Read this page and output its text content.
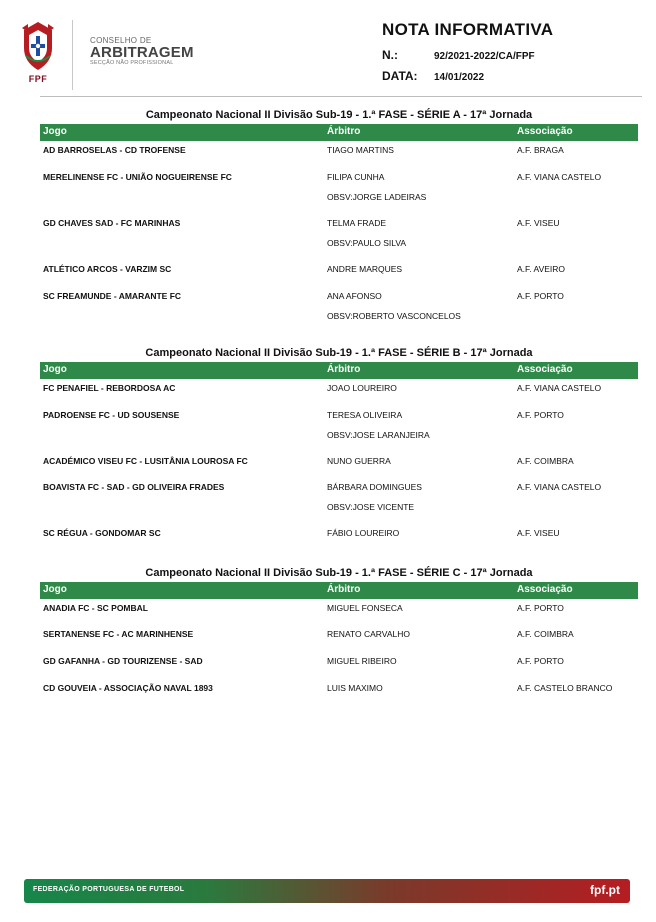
FPF
CONSELHO DE
ARBITRAGEM
SECÇÃO NÃO PROFISSIONAL
NOTA INFORMATIVA
N.:	92/2021-2022/CA/FPF
DATA: 14/01/2022
Campeonato Nacional II Divisão Sub-19 - 1.ª FASE - SÉRIE A - 17ª Jornada
Jogo	Árbitro	Associação
AD BARROSELAS - CD TROFENSE	TIAGO MARTINS	A.F. BRAGA
MERELINENSE FC - UNIÃO NOGUEIRENSE FC	FILIPA CUNHA	A.F. VIANA CASTELO
OBSV:JORGE LADEIRAS
GD CHAVES SAD - FC MARINHAS	TELMA FRADE	A.F. VISEU
OBSV:PAULO SILVA
ATLÉTICO ARCOS - VARZIM SC	ANDRE MARQUES	A.F. AVEIRO
SC FREAMUNDE - AMARANTE FC	ANA AFONSO	A.F. PORTO
OBSV:ROBERTO VASCONCELOS
Campeonato Nacional II Divisão Sub-19 - 1.ª FASE - SÉRIE B - 17ª Jornada
Jogo	Árbitro	Associação
FC PENAFIEL - REBORDOSA AC	JOAO LOUREIRO	A.F. VIANA CASTELO
PADROENSE FC - UD SOUSENSE	TERESA OLIVEIRA	A.F. PORTO
OBSV:JOSE LARANJEIRA
ACADÉMICO VISEU FC - LUSITÂNIA LOUROSA FC	NUNO GUERRA	A.F. COIMBRA
BOAVISTA FC - SAD - GD OLIVEIRA FRADES	BÁRBARA DOMINGUES	A.F. VIANA CASTELO
OBSV:JOSE VICENTE
SC RÉGUA - GONDOMAR SC	FÁBIO LOUREIRO	A.F. VISEU
Campeonato Nacional II Divisão Sub-19 - 1.ª FASE - SÉRIE C - 17ª Jornada
Jogo	Árbitro	Associação
ANADIA FC - SC POMBAL	MIGUEL FONSECA	A.F. PORTO
SERTANENSE FC - AC MARINHENSE	RENATO CARVALHO	A.F. COIMBRA
GD GAFANHA - GD TOURIZENSE - SAD	MIGUEL RIBEIRO	A.F. PORTO
CD GOUVEIA - ASSOCIAÇÃO NAVAL 1893	LUIS MAXIMO	A.F. CASTELO BRANCO
FEDERAÇÃO PORTUGUESA DE FUTEBOL	fpf.pt
